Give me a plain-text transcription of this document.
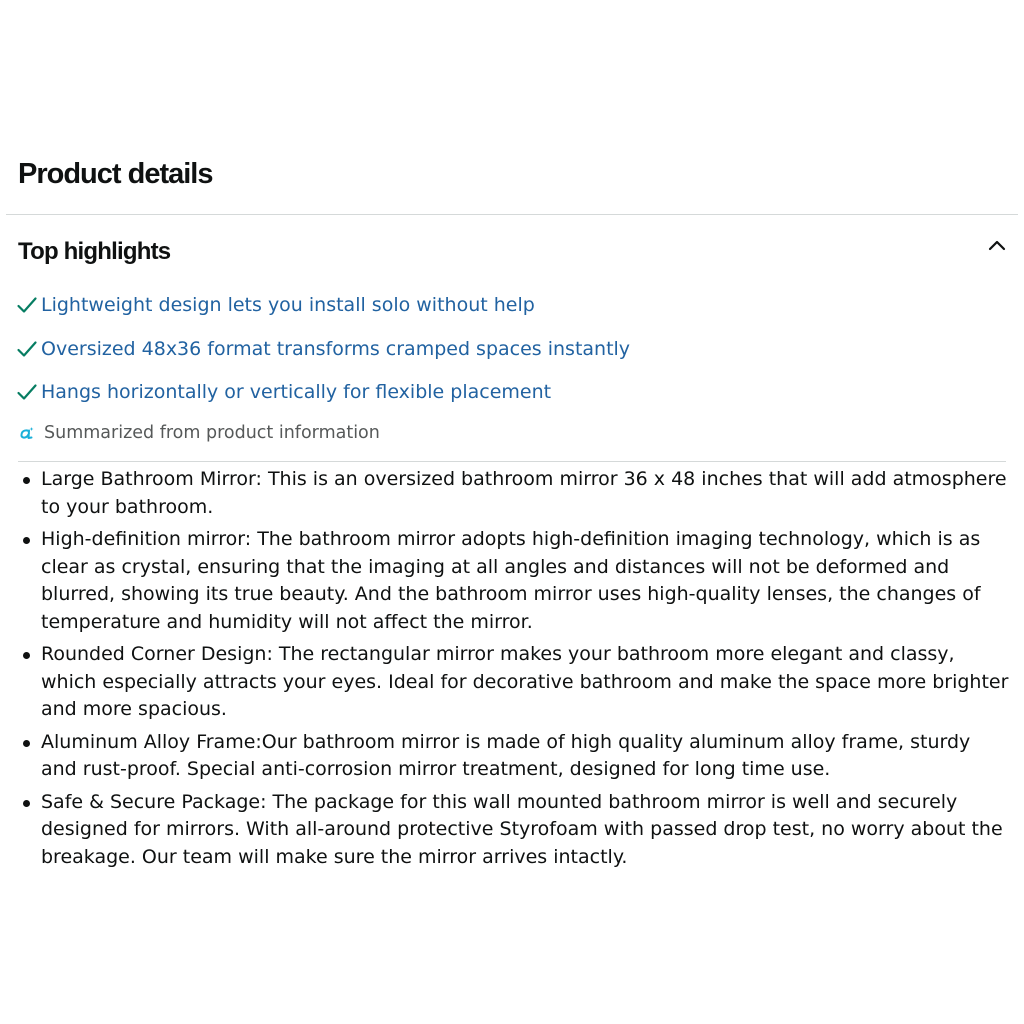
Product details
Top highlights
Lightweight design lets you install solo without help
Oversized 48x36 format transforms cramped spaces instantly
Hangs horizontally or vertically for flexible placement
Summarized from product information
Large Bathroom Mirror: This is an oversized bathroom mirror 36 x 48 inches that will add atmosphere to your bathroom.
High-definition mirror: The bathroom mirror adopts high-definition imaging technology, which is as clear as crystal, ensuring that the imaging at all angles and distances will not be deformed and blurred, showing its true beauty. And the bathroom mirror uses high-quality lenses, the changes of temperature and humidity will not affect the mirror.
Rounded Corner Design: The rectangular mirror makes your bathroom more elegant and classy, which especially attracts your eyes. Ideal for decorative bathroom and make the space more brighter and more spacious.
Aluminum Alloy Frame:Our bathroom mirror is made of high quality aluminum alloy frame, sturdy and rust-proof. Special anti-corrosion mirror treatment, designed for long time use.
Safe & Secure Package: The package for this wall mounted bathroom mirror is well and securely designed for mirrors. With all-around protective Styrofoam with passed drop test, no worry about the breakage. Our team will make sure the mirror arrives intactly.
